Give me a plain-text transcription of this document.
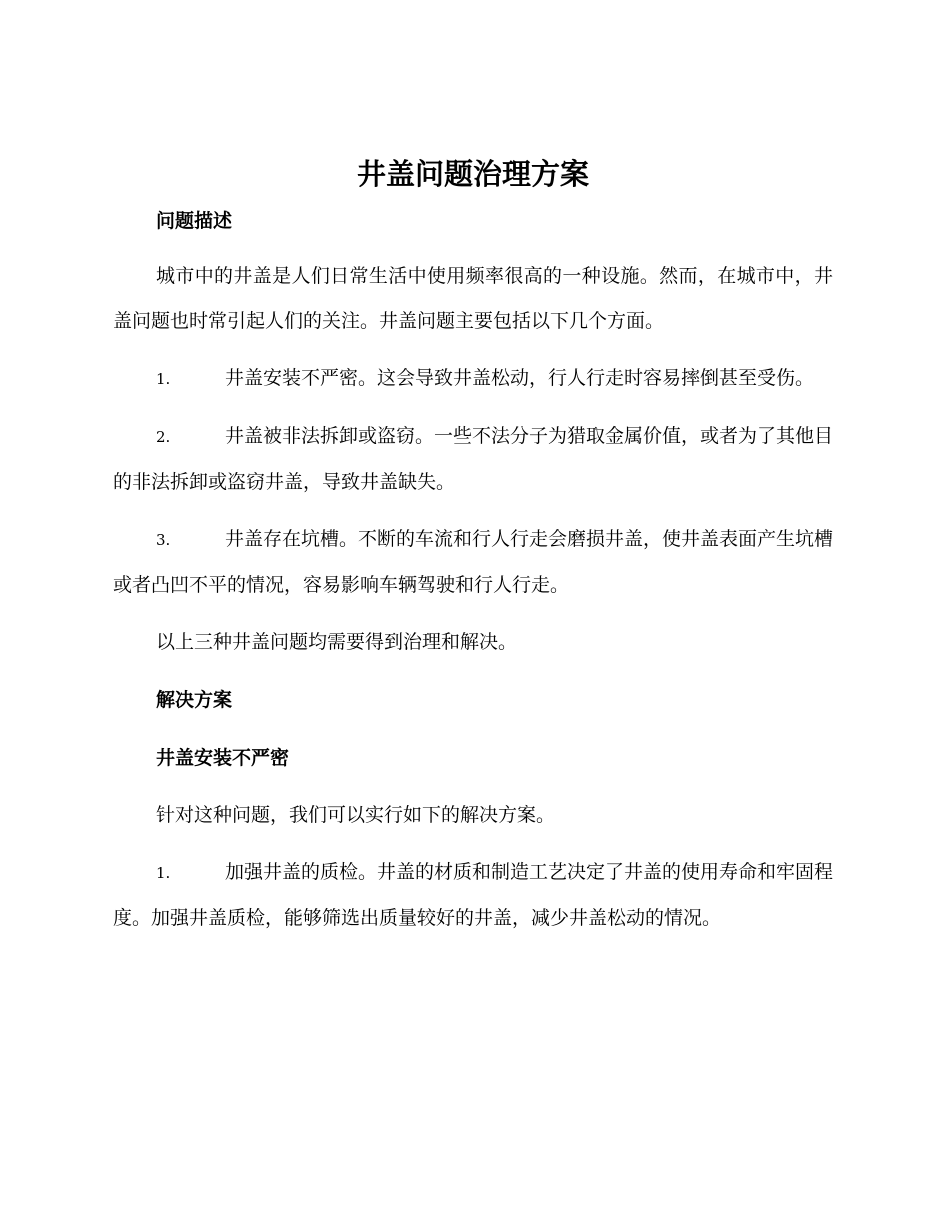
井盖问题治理方案
问题描述

城市中的井盖是人们日常生活中使用频率很高的一种设施。然而，在城市中，井盖问题也时常引起人们的关注。井盖问题主要包括以下几个方面。

1.	井盖安装不严密。这会导致井盖松动，行人行走时容易摔倒甚至受伤。

2.	井盖被非法拆卸或盗窃。一些不法分子为猎取金属价值，或者为了其他目的非法拆卸或盗窃井盖，导致井盖缺失。

3.	井盖存在坑槽。不断的车流和行人行走会磨损井盖，使井盖表面产生坑槽或者凸凹不平的情况，容易影响车辆驾驶和行人行走。

以上三种井盖问题均需要得到治理和解决。

解决方案
井盖安装不严密

针对这种问题，我们可以实行如下的解决方案。

1.	加强井盖的质检。井盖的材质和制造工艺决定了井盖的使用寿命和牢固程度。加强井盖质检，能够筛选出质量较好的井盖，减少井盖松动的情况。
